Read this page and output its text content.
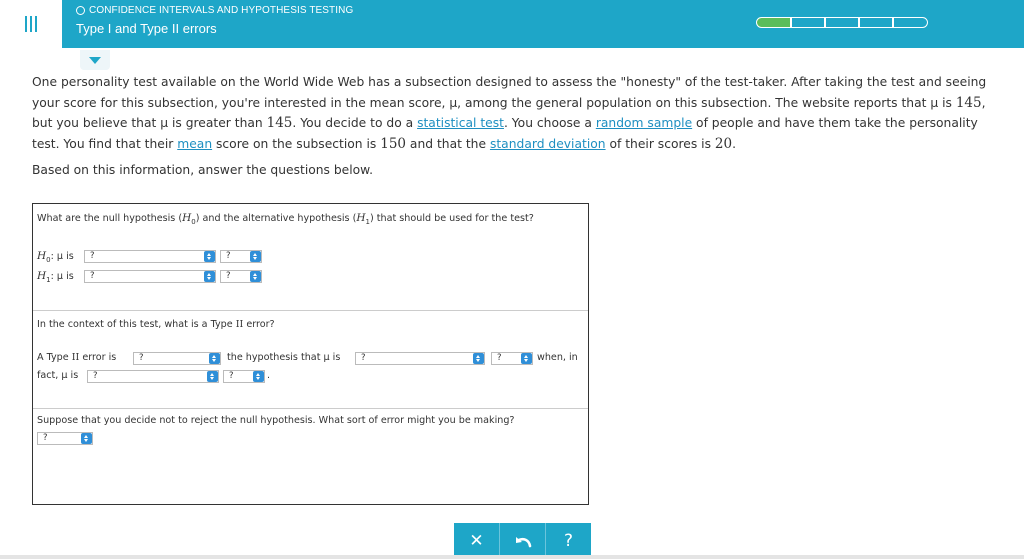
CONFIDENCE INTERVALS AND HYPOTHESIS TESTING
Type I and Type II errors
One personality test available on the World Wide Web has a subsection designed to assess the "honesty" of the test-taker. After taking the test and seeing your score for this subsection, you're interested in the mean score, μ, among the general population on this subsection. The website reports that μ is 145, but you believe that μ is greater than 145. You decide to do a statistical test. You choose a random sample of people and have them take the personality test. You find that their mean score on the subsection is 150 and that the standard deviation of their scores is 20.
Based on this information, answer the questions below.
What are the null hypothesis $(H_0)$ and the alternative hypothesis $(H_1)$ that should be used for the test?
$H_0$: μ is	?	?
$H_1$: μ is	?	?
In the context of this test, what is a Type II error?
A Type II error is	?	the hypothesis that μ is	?	?	when, in
fact, μ is	?	?	.
Suppose that you decide not to reject the null hypothesis. What sort of error might you be making?
?
✕	?
